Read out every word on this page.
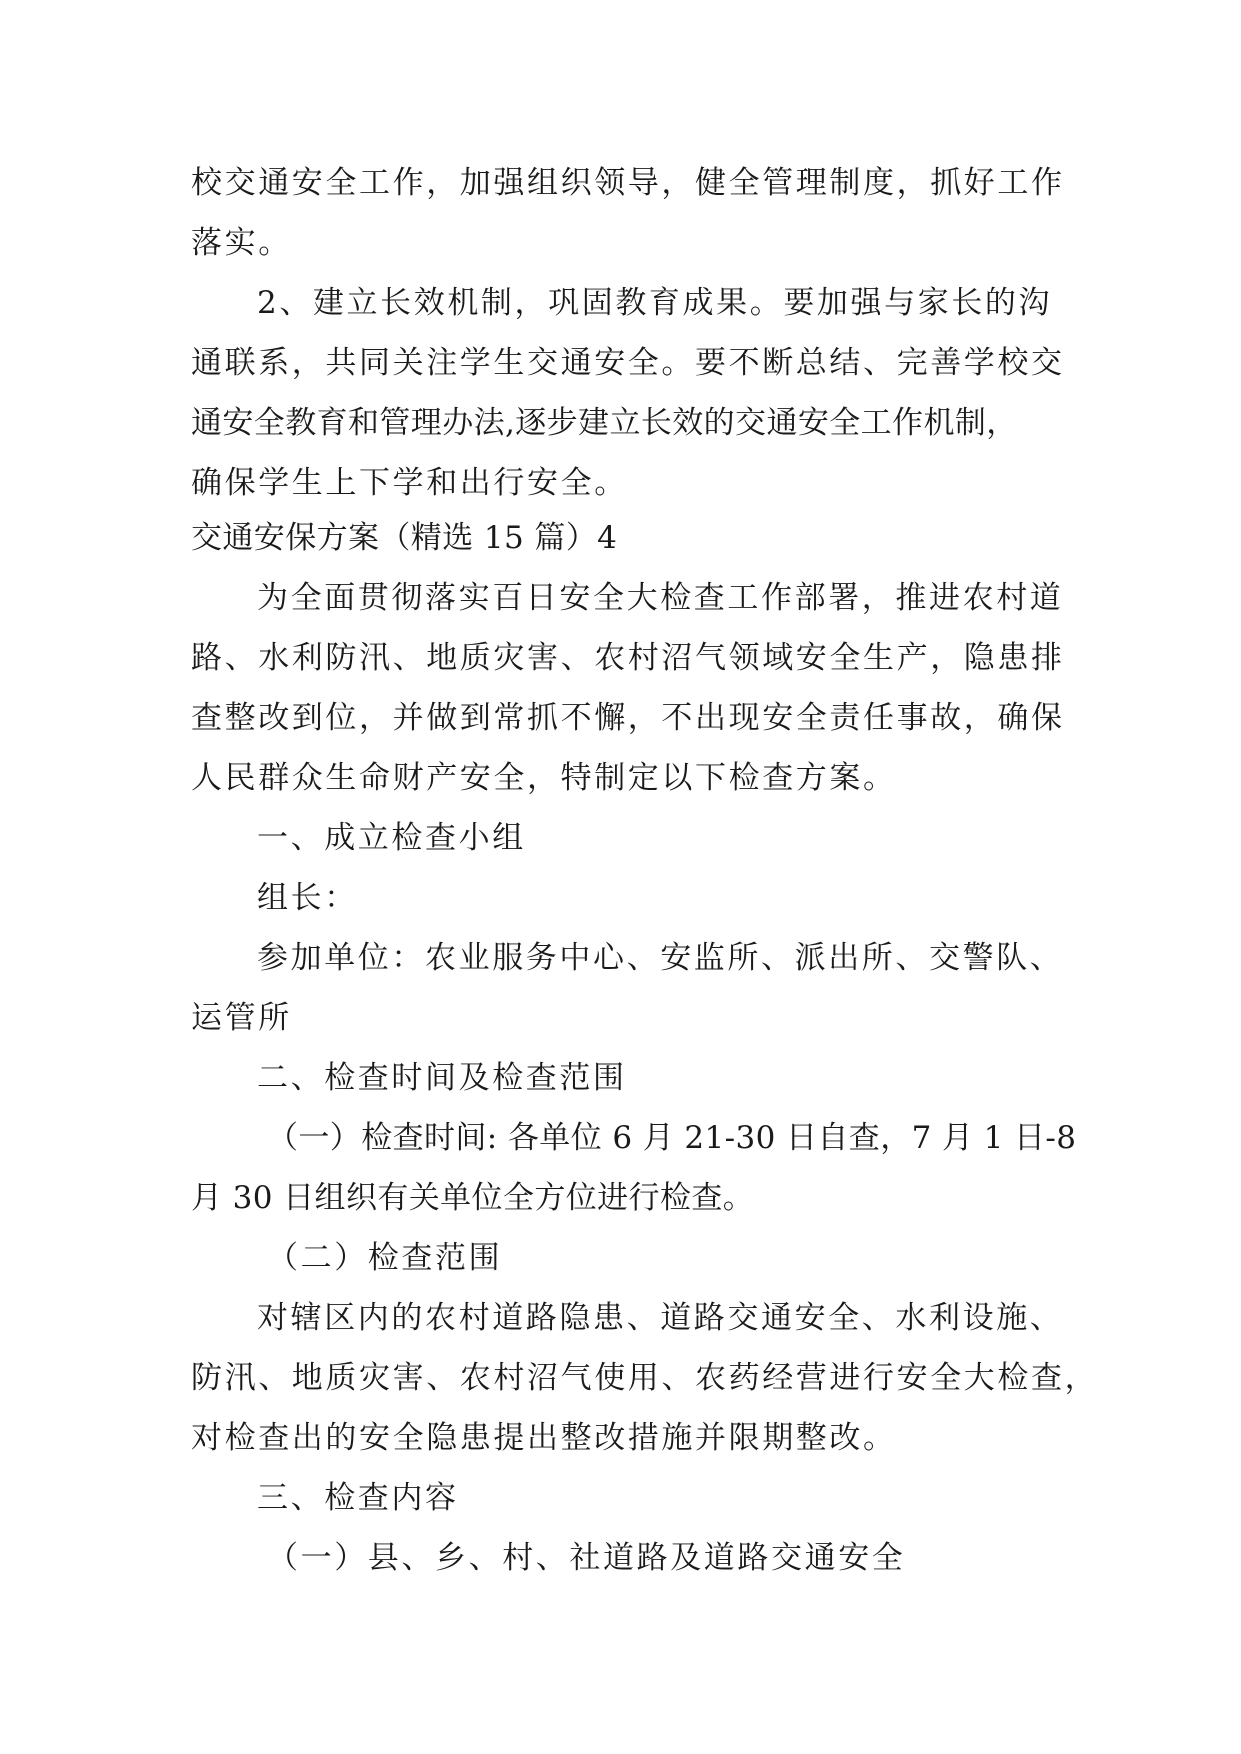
校交通安全工作，加强组织领导，健全管理制度，抓好工作
落实。
2、建立长效机制，巩固教育成果。要加强与家长的沟
通联系，共同关注学生交通安全。要不断总结、完善学校交
通安全教育和管理办法,逐步建立长效的交通安全工作机制，
确保学生上下学和出行安全。
交通安保方案（精选 15 篇）4
为全面贯彻落实百日安全大检查工作部署，推进农村道
路、水利防汛、地质灾害、农村沼气领域安全生产，隐患排
查整改到位，并做到常抓不懈，不出现安全责任事故，确保
人民群众生命财产安全，特制定以下检查方案。
一、成立检查小组
组长：
参加单位：农业服务中心、安监所、派出所、交警队、
运管所
二、检查时间及检查范围
（一）检查时间: 各单位 6 月 21-30 日自查，7 月 1 日-8
月 30 日组织有关单位全方位进行检查。
（二）检查范围
对辖区内的农村道路隐患、道路交通安全、水利设施、
防汛、地质灾害、农村沼气使用、农药经营进行安全大检查，
对检查出的安全隐患提出整改措施并限期整改。
三、检查内容
（一）县、乡、村、社道路及道路交通安全
